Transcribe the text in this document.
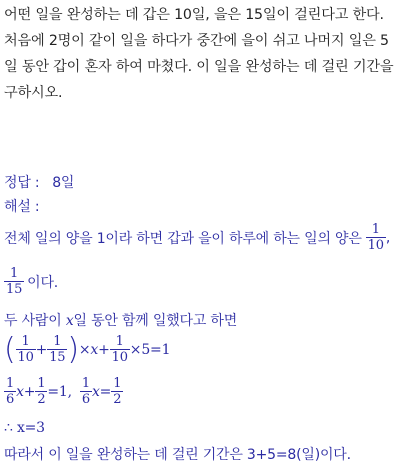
어떤 일을 완성하는 데 갑은 10일, 을은 15일이 걸린다고 한다. 처음에 2명이 같이 일을 하다가 중간에 을이 쉬고 나머지 일은 5일 동안 갑이 혼자 하여 마쳤다. 이 일을 완성하는 데 걸린 기간을 구하시오.
정답 : 8일
해설 :
전체 일의 양을 1이라 하면 갑과 을이 하루에 하는 일의 양은 $\frac{1}{10}$ ,
$\frac{1}{15}$ 이다.
두 사람이 x일 동안 함께 일했다고 하면
( $\frac{1}{10} + \frac{1}{15}$ ) $\times x+ \frac{1}{10} \times 5=1$
$\frac{1}{6} x+ \frac{1}{2} =1$, $\frac{1}{6} x= \frac{1}{2}$
∴ x=3
따라서 이 일을 완성하는 데 걸린 기간은 3+5=8(일)이다.
